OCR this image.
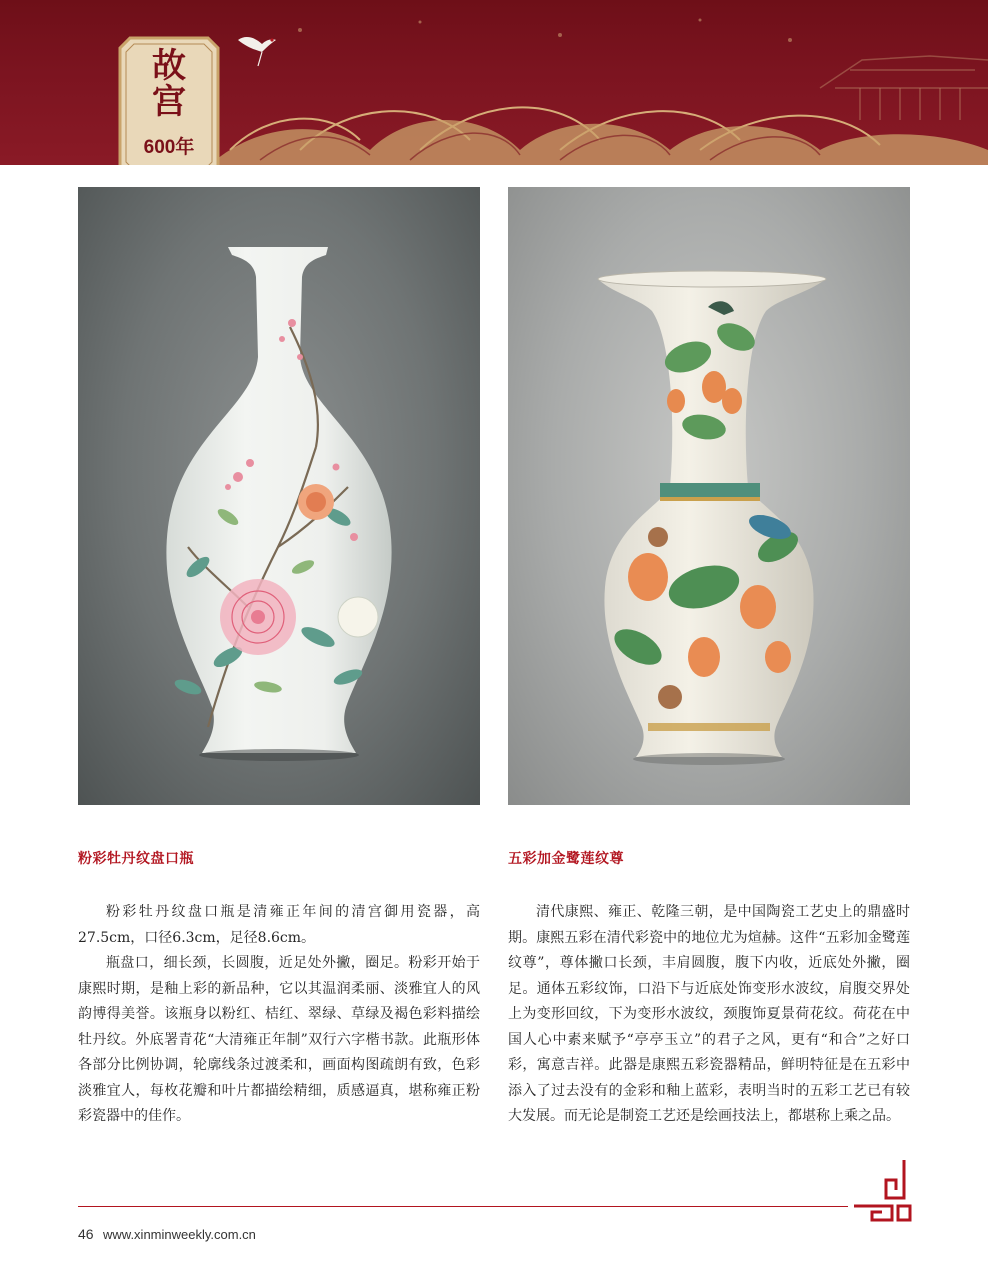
故
宫
600年
粉彩牡丹纹盘口瓶	五彩加金鹭莲纹尊

粉彩牡丹纹盘口瓶是清雍正年间的清宫御用瓷器，高27.5cm，口径6.3cm，足径8.6cm。

瓶盘口，细长颈，长圆腹，近足处外撇，圈足。粉彩开始于康熙时期，是釉上彩的新品种，它以其温润柔丽、淡雅宜人的风韵博得美誉。该瓶身以粉红、桔红、翠绿、草绿及褐色彩料描绘牡丹纹。外底署青花“大清雍正年制”双行六字楷书款。此瓶形体各部分比例协调，轮廓线条过渡柔和，画面构图疏朗有致，色彩淡雅宜人，每枚花瓣和叶片都描绘精细，质感逼真，堪称雍正粉彩瓷器中的佳作。

清代康熙、雍正、乾隆三朝，是中国陶瓷工艺史上的鼎盛时期。康熙五彩在清代彩瓷中的地位尤为煊赫。这件“五彩加金鹭莲纹尊”，尊体撇口长颈，丰肩圆腹，腹下内收，近底处外撇，圈足。通体五彩纹饰，口沿下与近底处饰变形水波纹，肩腹交界处上为变形回纹，下为变形水波纹，颈腹饰夏景荷花纹。荷花在中国人心中素来赋予“亭亭玉立”的君子之风，更有“和合”之好口彩，寓意吉祥。此器是康熙五彩瓷器精品，鲜明特征是在五彩中添入了过去没有的金彩和釉上蓝彩，表明当时的五彩工艺已有较大发展。而无论是制瓷工艺还是绘画技法上，都堪称上乘之品。

46 www.xinminweekly.com.cn
